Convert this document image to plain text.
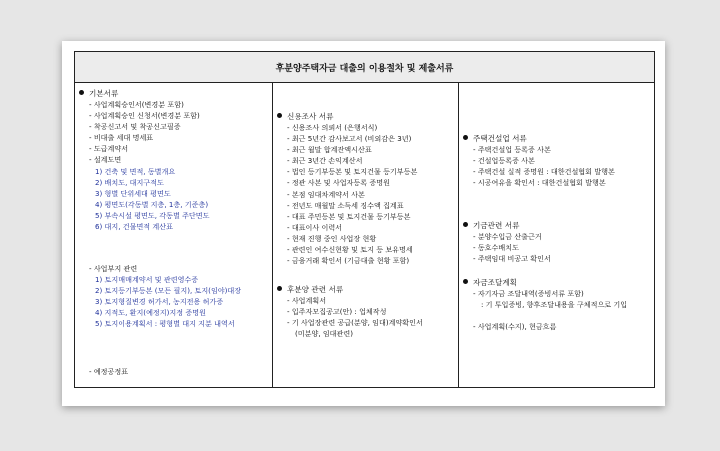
후분양주택자금 대출의 이용절차 및 제출서류

기본서류
- 사업계획승인서(변경분 포함)
- 사업계획승인 신청서(변경분 포함)
- 착공신고서 및 착공신고필증
- 비대출 세대 명세표
- 도급계약서
- 설계도면
1) 건축 및 면적, 동별개요
2) 배치도, 대지구적도
3) 형별 단위세대 평면도
4) 평면도(각동별 지층, 1층, 기준층)
5) 부속시설 평면도, 각동별 주단면도
6) 대지, 건물면적 계산표
- 사업부지 관련
1) 토지매매계약서 및 관련영수증
2) 토지등기부등본 (모든 필지), 토지(임야)대장
3) 토지형질변경 허가서, 농지전용 허가증
4) 지적도, 환지(예정지)지정 증명원
5) 토지이용계획서 : 평형별 대지 지분 내역서
- 예정공정표

신용조사 서류
- 신용조사 의뢰서 (은행서식)
- 최근 5년간 감사보고서 (비외감은 3년)
- 최근 월말 합계잔액시산표
- 최근 3년간 손익계산서
- 법인 등기부등본 및 토지건물 등기부등본
- 정관 사본 및 사업자등록 증명원
- 본점 임대차계약서 사본
- 전년도 매월말 소득세 징수액 집계표
- 대표 주민등본 및 토지건물 등기부등본
- 대표이사 이력서
- 현재 진행 중인 사업장 현황
- 관련인 여수신현황 및 토지 등 보유명세
- 금융거래 확인서 (기금대출 현황 포함)
후분양 관련 서류
- 사업계획서
- 입주자모집공고(안) : 업체작성
- 기 사업장관련 공급(분양, 임대)계약확인서
(미분양, 임대관련)

주택건설업 서류
- 주택건설업 등록증 사본
- 건설업등록증 사본
- 주택건설 실적 증명원 : 대한건설협회 발행본
- 시공여유을 확인서 : 대한건설협회 발행본
기금관련 서류
- 분양수입금 산출근거
- 동호수배치도
- 주택임대 비공고 확인서
자금조달계획
- 자기자금 조달내역(증빙서류 포함)
: 기 투입증빙, 향후조달내용을 구체적으로 기입

- 사업계획(수지), 현금흐름
